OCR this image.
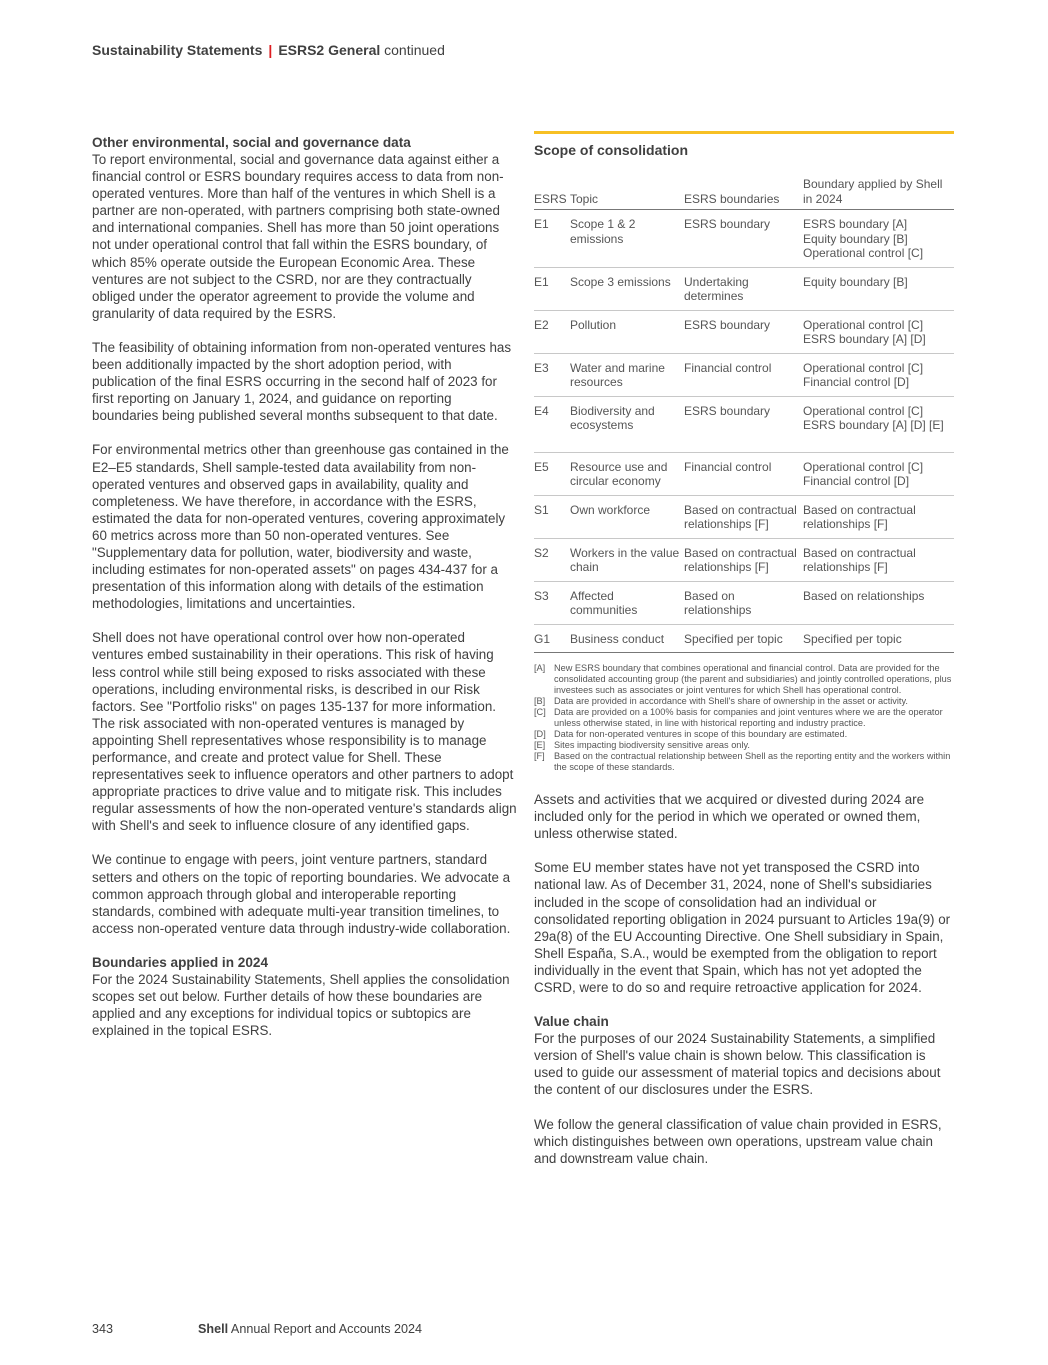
Sustainability Statements | ESRS2 General continued
Other environmental, social and governance data

To report environmental, social and governance data against either a financial control or ESRS boundary requires access to data from non-operated ventures. More than half of the ventures in which Shell is a partner are non-operated, with partners comprising both state-owned and international companies. Shell has more than 50 joint operations not under operational control that fall within the ESRS boundary, of which 85% operate outside the European Economic Area. These ventures are not subject to the CSRD, nor are they contractually obliged under the operator agreement to provide the volume and granularity of data required by the ESRS.

The feasibility of obtaining information from non-operated ventures has been additionally impacted by the short adoption period, with publication of the final ESRS occurring in the second half of 2023 for first reporting on January 1, 2024, and guidance on reporting boundaries being published several months subsequent to that date.

For environmental metrics other than greenhouse gas contained in the E2–E5 standards, Shell sample-tested data availability from non-operated ventures and observed gaps in availability, quality and completeness. We have therefore, in accordance with the ESRS, estimated the data for non-operated ventures, covering approximately 60 metrics across more than 50 non-operated ventures. See "Supplementary data for pollution, water, biodiversity and waste, including estimates for non-operated assets" on pages 434-437 for a presentation of this information along with details of the estimation methodologies, limitations and uncertainties.

Shell does not have operational control over how non-operated ventures embed sustainability in their operations. This risk of having less control while still being exposed to risks associated with these operations, including environmental risks, is described in our Risk factors. See "Portfolio risks" on pages 135-137 for more information. The risk associated with non-operated ventures is managed by appointing Shell representatives whose responsibility is to manage performance, and create and protect value for Shell. These representatives seek to influence operators and other partners to adopt appropriate practices to drive value and to mitigate risk. This includes regular assessments of how the non-operated venture's standards align with Shell's and seek to influence closure of any identified gaps.

We continue to engage with peers, joint venture partners, standard setters and others on the topic of reporting boundaries. We advocate a common approach through global and interoperable reporting standards, combined with adequate multi-year transition timelines, to access non-operated venture data through industry-wide collaboration.

Boundaries applied in 2024

For the 2024 Sustainability Statements, Shell applies the consolidation scopes set out below. Further details of how these boundaries are applied and any exceptions for individual topics or subtopics are explained in the topical ESRS.

Scope of consolidation
ESRS	Topic	ESRS boundaries	Boundary applied by Shell in 2024
E1	Scope 1 & 2 emissions	ESRS boundary	ESRS boundary [A]
Equity boundary [B]
Operational control [C]

E1	Scope 3 emissions	Undertaking determines	Equity boundary [B]

E2	Pollution	ESRS boundary	Operational control [C]
ESRS boundary [A] [D]

E3	Water and marine resources	Financial control	Operational control [C]
Financial control [D]

E4	Biodiversity and ecosystems	ESRS boundary	Operational control [C]
ESRS boundary [A] [D] [E]

E5	Resource use and circular economy	Financial control	Operational control [C]
Financial control [D]

S1	Own workforce	Based on contractual relationships [F]	Based on contractual relationships [F]

S2	Workers in the value chain	Based on contractual relationships [F]	Based on contractual relationships [F]

S3	Affected communities	Based on relationships	Based on relationships

G1	Business conduct	Specified per topic	Specified per topic
[A] New ESRS boundary that combines operational and financial control. Data are provided for the consolidated accounting group (the parent and subsidiaries) and jointly controlled operations, plus investees such as associates or joint ventures for which Shell has operational control.
[B] Data are provided in accordance with Shell's share of ownership in the asset or activity.
[C] Data are provided on a 100% basis for companies and joint ventures where we are the operator unless otherwise stated, in line with historical reporting and industry practice.
[D] Data for non-operated ventures in scope of this boundary are estimated.
[E] Sites impacting biodiversity sensitive areas only.
[F]	Based on the contractual relationship between Shell as the reporting entity and the workers within the scope of these standards.

Assets and activities that we acquired or divested during 2024 are included only for the period in which we operated or owned them, unless otherwise stated.

Some EU member states have not yet transposed the CSRD into national law. As of December 31, 2024, none of Shell's subsidiaries included in the scope of consolidation had an individual or consolidated reporting obligation in 2024 pursuant to Articles 19a(9) or 29a(8) of the EU Accounting Directive. One Shell subsidiary in Spain, Shell España, S.A., would be exempted from the obligation to report individually in the event that Spain, which has not yet adopted the CSRD, were to do so and require retroactive application for 2024.

Value chain

For the purposes of our 2024 Sustainability Statements, a simplified version of Shell's value chain is shown below. This classification is used to guide our assessment of material topics and decisions about the content of our disclosures under the ESRS.

We follow the general classification of value chain provided in ESRS, which distinguishes between own operations, upstream value chain and downstream value chain.

343	Shell Annual Report and Accounts 2024
